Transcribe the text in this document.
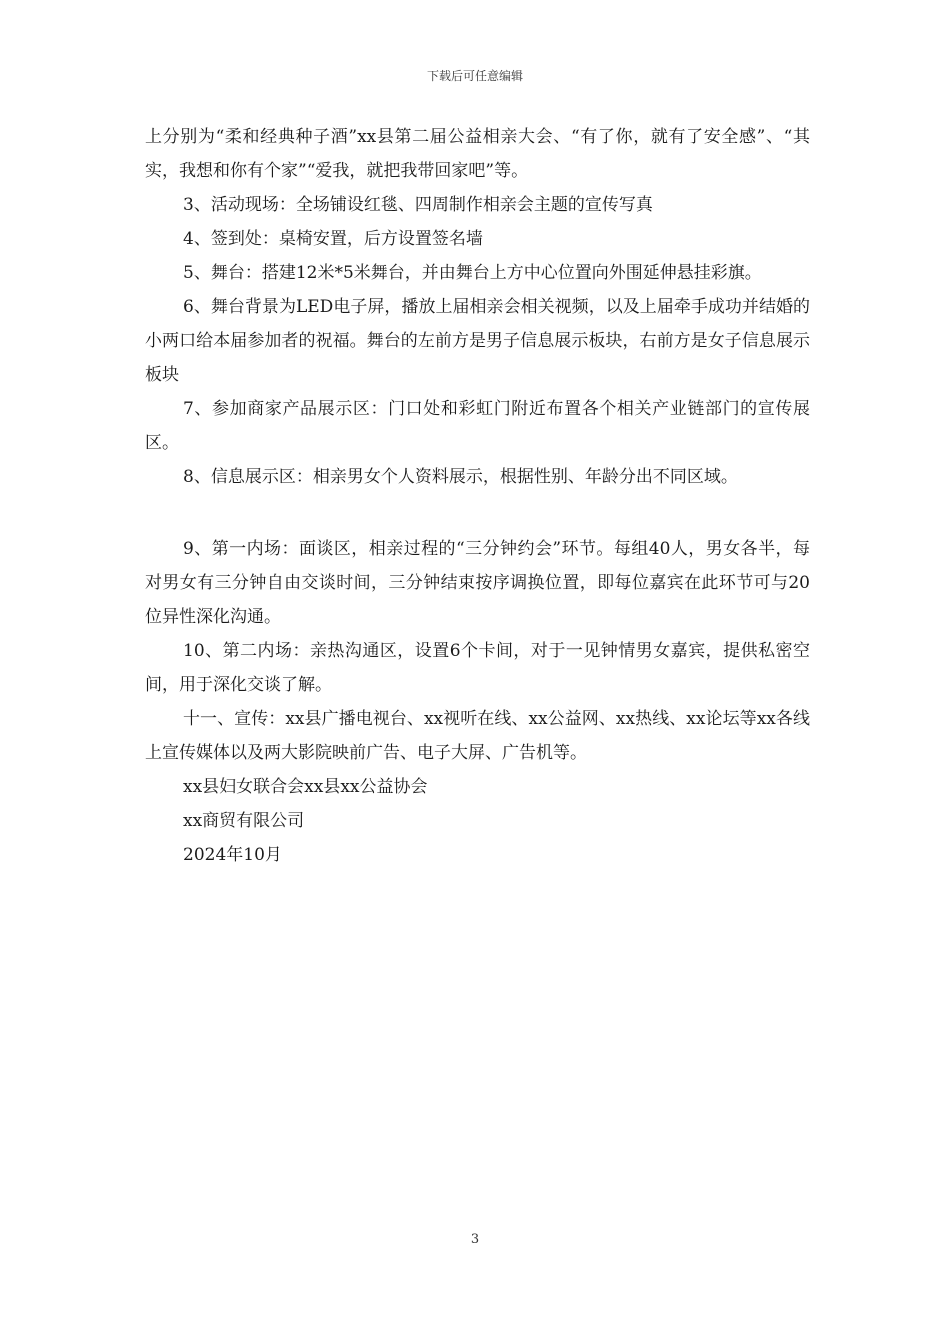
下载后可任意编辑

上分别为“柔和经典种子酒”xx县第二届公益相亲大会、“有了你，就有了安全感”、“其实，我想和你有个家”“爱我，就把我带回家吧”等。

3、活动现场：全场铺设红毯、四周制作相亲会主题的宣传写真

4、签到处：桌椅安置，后方设置签名墙

5、舞台：搭建12米*5米舞台，并由舞台上方中心位置向外围延伸悬挂彩旗。

6、舞台背景为LED电子屏，播放上届相亲会相关视频，以及上届牵手成功并结婚的小两口给本届参加者的祝福。舞台的左前方是男子信息展示板块，右前方是女子信息展示板块

7、参加商家产品展示区：门口处和彩虹门附近布置各个相关产业链部门的宣传展区。

8、信息展示区：相亲男女个人资料展示，根据性别、年龄分出不同区域。

9、第一内场：面谈区，相亲过程的“三分钟约会”环节。每组40人，男女各半，每对男女有三分钟自由交谈时间，三分钟结束按序调换位置，即每位嘉宾在此环节可与20位异性深化沟通。

10、第二内场：亲热沟通区，设置6个卡间，对于一见钟情男女嘉宾，提供私密空间，用于深化交谈了解。

十一、宣传：xx县广播电视台、xx视听在线、xx公益网、xx热线、xx论坛等xx各线上宣传媒体以及两大影院映前广告、电子大屏、广告机等。

xx县妇女联合会xx县xx公益协会

xx商贸有限公司

2024年10月

3
